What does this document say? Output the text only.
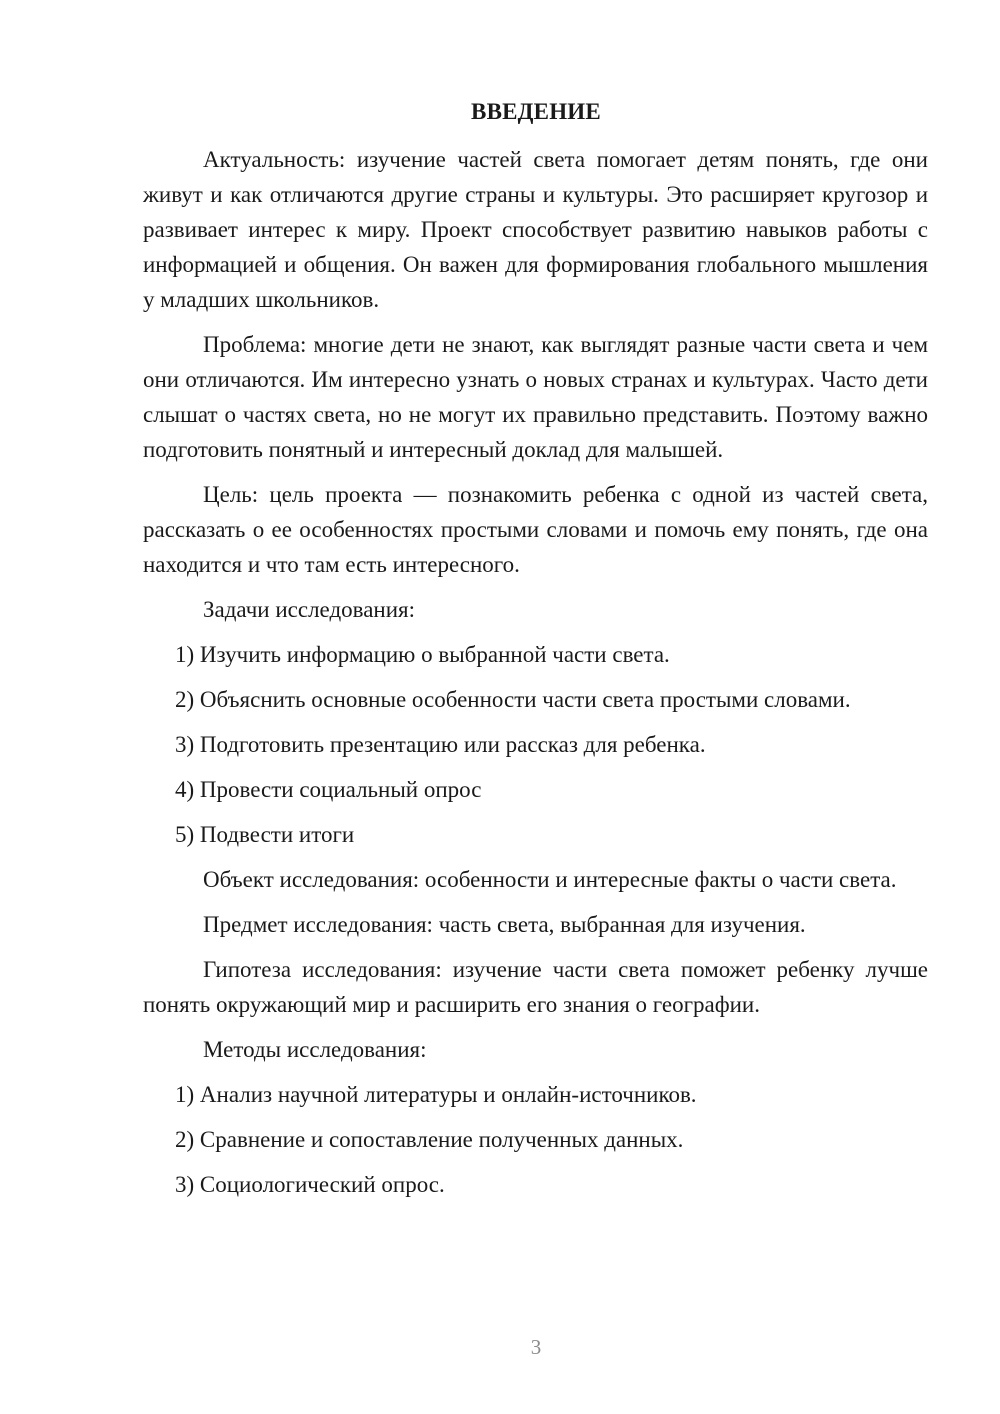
ВВЕДЕНИЕ

Актуальность: изучение частей света помогает детям понять, где они живут и как отличаются другие страны и культуры. Это расширяет кругозор и развивает интерес к миру. Проект способствует развитию навыков работы с информацией и общения. Он важен для формирования глобального мышления у младших школьников.

Проблема: многие дети не знают, как выглядят разные части света и чем они отличаются. Им интересно узнать о новых странах и культурах. Часто дети слышат о частях света, но не могут их правильно представить. Поэтому важно подготовить понятный и интересный доклад для малышей.

Цель: цель проекта — познакомить ребенка с одной из частей света, рассказать о ее особенностях простыми словами и помочь ему понять, где она находится и что там есть интересного.

Задачи исследования:

1) Изучить информацию о выбранной части света.

2) Объяснить основные особенности части света простыми словами.

3) Подготовить презентацию или рассказ для ребенка.

4) Провести социальный опрос

5) Подвести итоги

Объект исследования: особенности и интересные факты о части света.

Предмет исследования: часть света, выбранная для изучения.

Гипотеза исследования: изучение части света поможет ребенку лучше понять окружающий мир и расширить его знания о географии.

Методы исследования:

1) Анализ научной литературы и онлайн-источников.

2) Сравнение и сопоставление полученных данных.

3) Социологический опрос.

3
